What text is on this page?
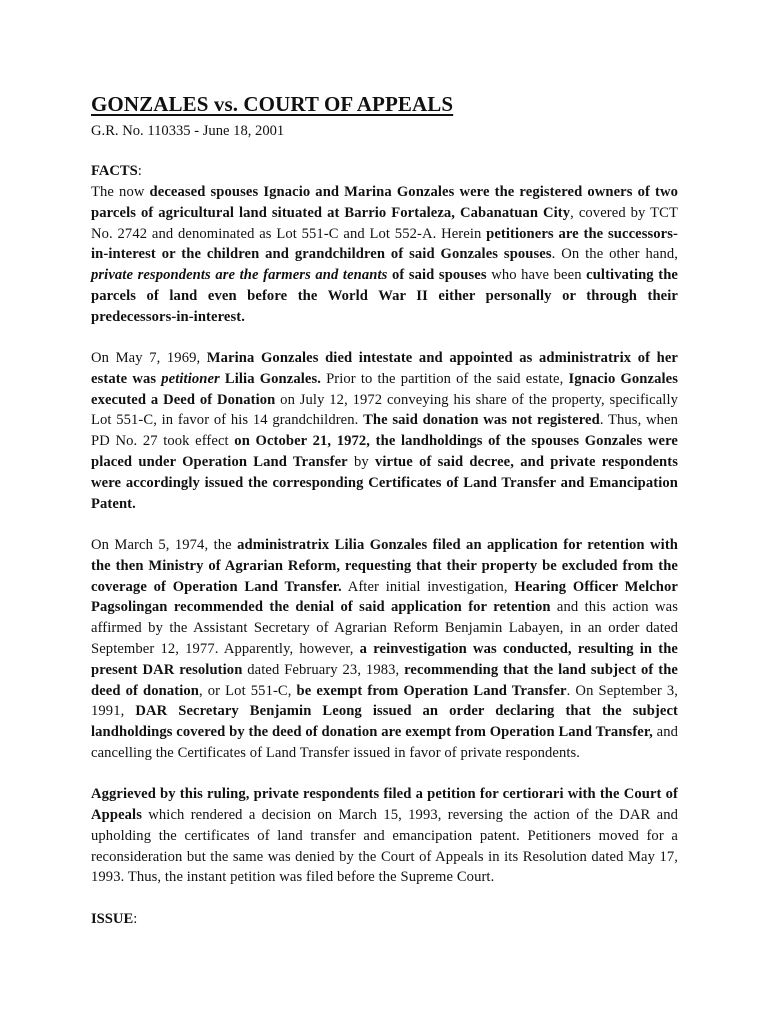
GONZALES vs. COURT OF APPEALS
G.R. No. 110335 - June 18, 2001
FACTS:

The now deceased spouses Ignacio and Marina Gonzales were the registered owners of two parcels of agricultural land situated at Barrio Fortaleza, Cabanatuan City, covered by TCT No. 2742 and denominated as Lot 551-C and Lot 552-A. Herein petitioners are the successors-in-interest or the children and grandchildren of said Gonzales spouses. On the other hand, private respondents are the farmers and tenants of said spouses who have been cultivating the parcels of land even before the World War II either personally or through their predecessors-in-interest.

On May 7, 1969, Marina Gonzales died intestate and appointed as administratrix of her estate was petitioner Lilia Gonzales. Prior to the partition of the said estate, Ignacio Gonzales executed a Deed of Donation on July 12, 1972 conveying his share of the property, specifically Lot 551-C, in favor of his 14 grandchildren. The said donation was not registered. Thus, when PD No. 27 took effect on October 21, 1972, the landholdings of the spouses Gonzales were placed under Operation Land Transfer by virtue of said decree, and private respondents were accordingly issued the corresponding Certificates of Land Transfer and Emancipation Patent.

On March 5, 1974, the administratrix Lilia Gonzales filed an application for retention with the then Ministry of Agrarian Reform, requesting that their property be excluded from the coverage of Operation Land Transfer. After initial investigation, Hearing Officer Melchor Pagsolingan recommended the denial of said application for retention and this action was affirmed by the Assistant Secretary of Agrarian Reform Benjamin Labayen, in an order dated September 12, 1977. Apparently, however, a reinvestigation was conducted, resulting in the present DAR resolution dated February 23, 1983, recommending that the land subject of the deed of donation, or Lot 551-C, be exempt from Operation Land Transfer. On September 3, 1991, DAR Secretary Benjamin Leong issued an order declaring that the subject landholdings covered by the deed of donation are exempt from Operation Land Transfer, and cancelling the Certificates of Land Transfer issued in favor of private respondents.

Aggrieved by this ruling, private respondents filed a petition for certiorari with the Court of Appeals which rendered a decision on March 15, 1993, reversing the action of the DAR and upholding the certificates of land transfer and emancipation patent. Petitioners moved for a reconsideration but the same was denied by the Court of Appeals in its Resolution dated May 17, 1993. Thus, the instant petition was filed before the Supreme Court.

ISSUE:
